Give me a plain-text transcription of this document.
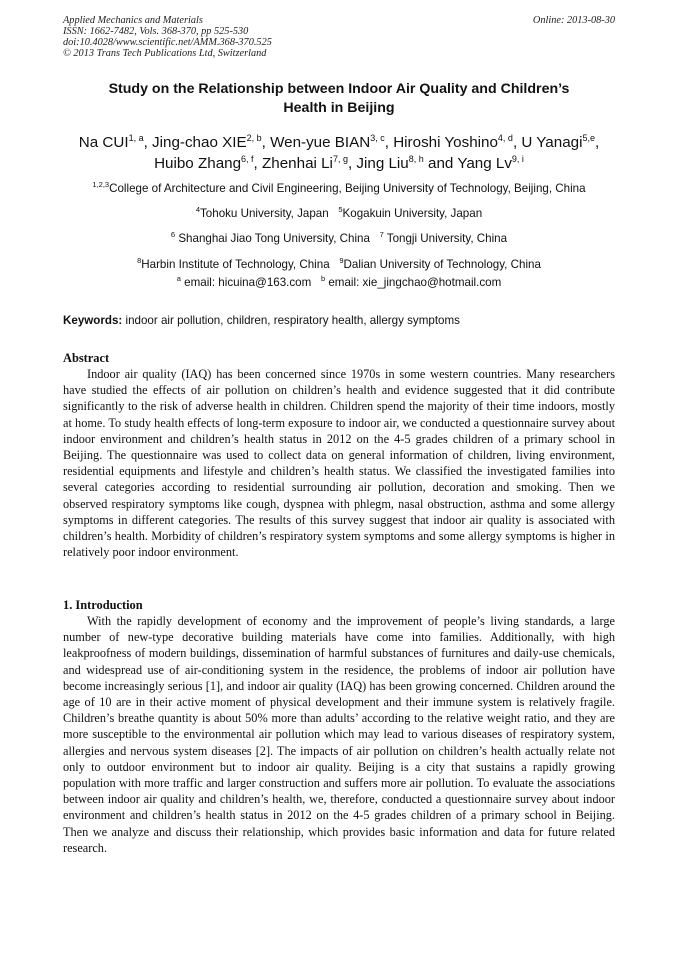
Applied Mechanics and Materials
ISSN: 1662-7482, Vols. 368-370, pp 525-530
doi:10.4028/www.scientific.net/AMM.368-370.525
© 2013 Trans Tech Publications Ltd, Switzerland
Online: 2013-08-30
Study on the Relationship between Indoor Air Quality and Children’s
Health in Beijing
Na CUI$^{1, a}$, Jing-chao XIE$^{2, b}$, Wen-yue BIAN$^{3, c}$, Hiroshi Yoshino$^{4, d}$, U Yanagi$^{5,e}$,
Huibo Zhang$^{6, f}$, Zhenhai Li$^{7, g}$, Jing Liu$^{8, h}$ and Yang Lv$^{9, i}$
$^{1,2,3}$College of Architecture and Civil Engineering, Beijing University of Technology, Beijing, China
$^4$Tohoku University, Japan $^5$Kogakuin University, Japan
$^6$ Shanghai Jiao Tong University, China $^7$ Tongji University, China
$^8$Harbin Institute of Technology, China $^9$Dalian University of Technology, China
$^a$ email: hicuina@163.com $^b$ email: xie_jingchao@hotmail.com
Keywords: indoor air pollution, children, respiratory health, allergy symptoms
Abstract

Indoor air quality (IAQ) has been concerned since 1970s in some western countries. Many researchers have studied the effects of air pollution on children’s health and evidence suggested that it did contribute significantly to the risk of adverse health in children. Children spend the majority of their time indoors, mostly at home. To study health effects of long-term exposure to indoor air, we conducted a questionnaire survey about indoor environment and children’s health status in 2012 on the 4-5 grades children of a primary school in Beijing. The questionnaire was used to collect data on general information of children, living environment, residential equipments and lifestyle and children’s health status. We classified the investigated families into several categories according to residential surrounding air pollution, decoration and smoking. Then we observed respiratory symptoms like cough, dyspnea with phlegm, nasal obstruction, asthma and some allergy symptoms in different categories. The results of this survey suggest that indoor air quality is associated with children’s health. Morbidity of children’s respiratory system symptoms and some allergy symptoms is higher in relatively poor indoor environment.

1. Introduction

With the rapidly development of economy and the improvement of people’s living standards, a large number of new-type decorative building materials have come into families. Additionally, with high leakproofness of modern buildings, dissemination of harmful substances of furnitures and daily-use chemicals, and widespread use of air-conditioning system in the residence, the problems of indoor air pollution have become increasingly serious [1], and indoor air quality (IAQ) has been growing concerned. Children around the age of 10 are in their active moment of physical development and their immune system is relatively fragile. Children’s breathe quantity is about 50% more than adults’ according to the relative weight ratio, and they are more susceptible to the environmental air pollution which may lead to various diseases of respiratory system, allergies and nervous system diseases [2]. The impacts of air pollution on children’s health actually relate not only to outdoor environment but to indoor air quality. Beijing is a city that sustains a rapidly growing population with more traffic and larger construction and suffers more air pollution. To evaluate the associations between indoor air quality and children’s health, we, therefore, conducted a questionnaire survey about indoor environment and children’s health status in 2012 on the 4-5 grades children of a primary school in Beijing. Then we analyze and discuss their relationship, which provides basic information and data for future related research.
